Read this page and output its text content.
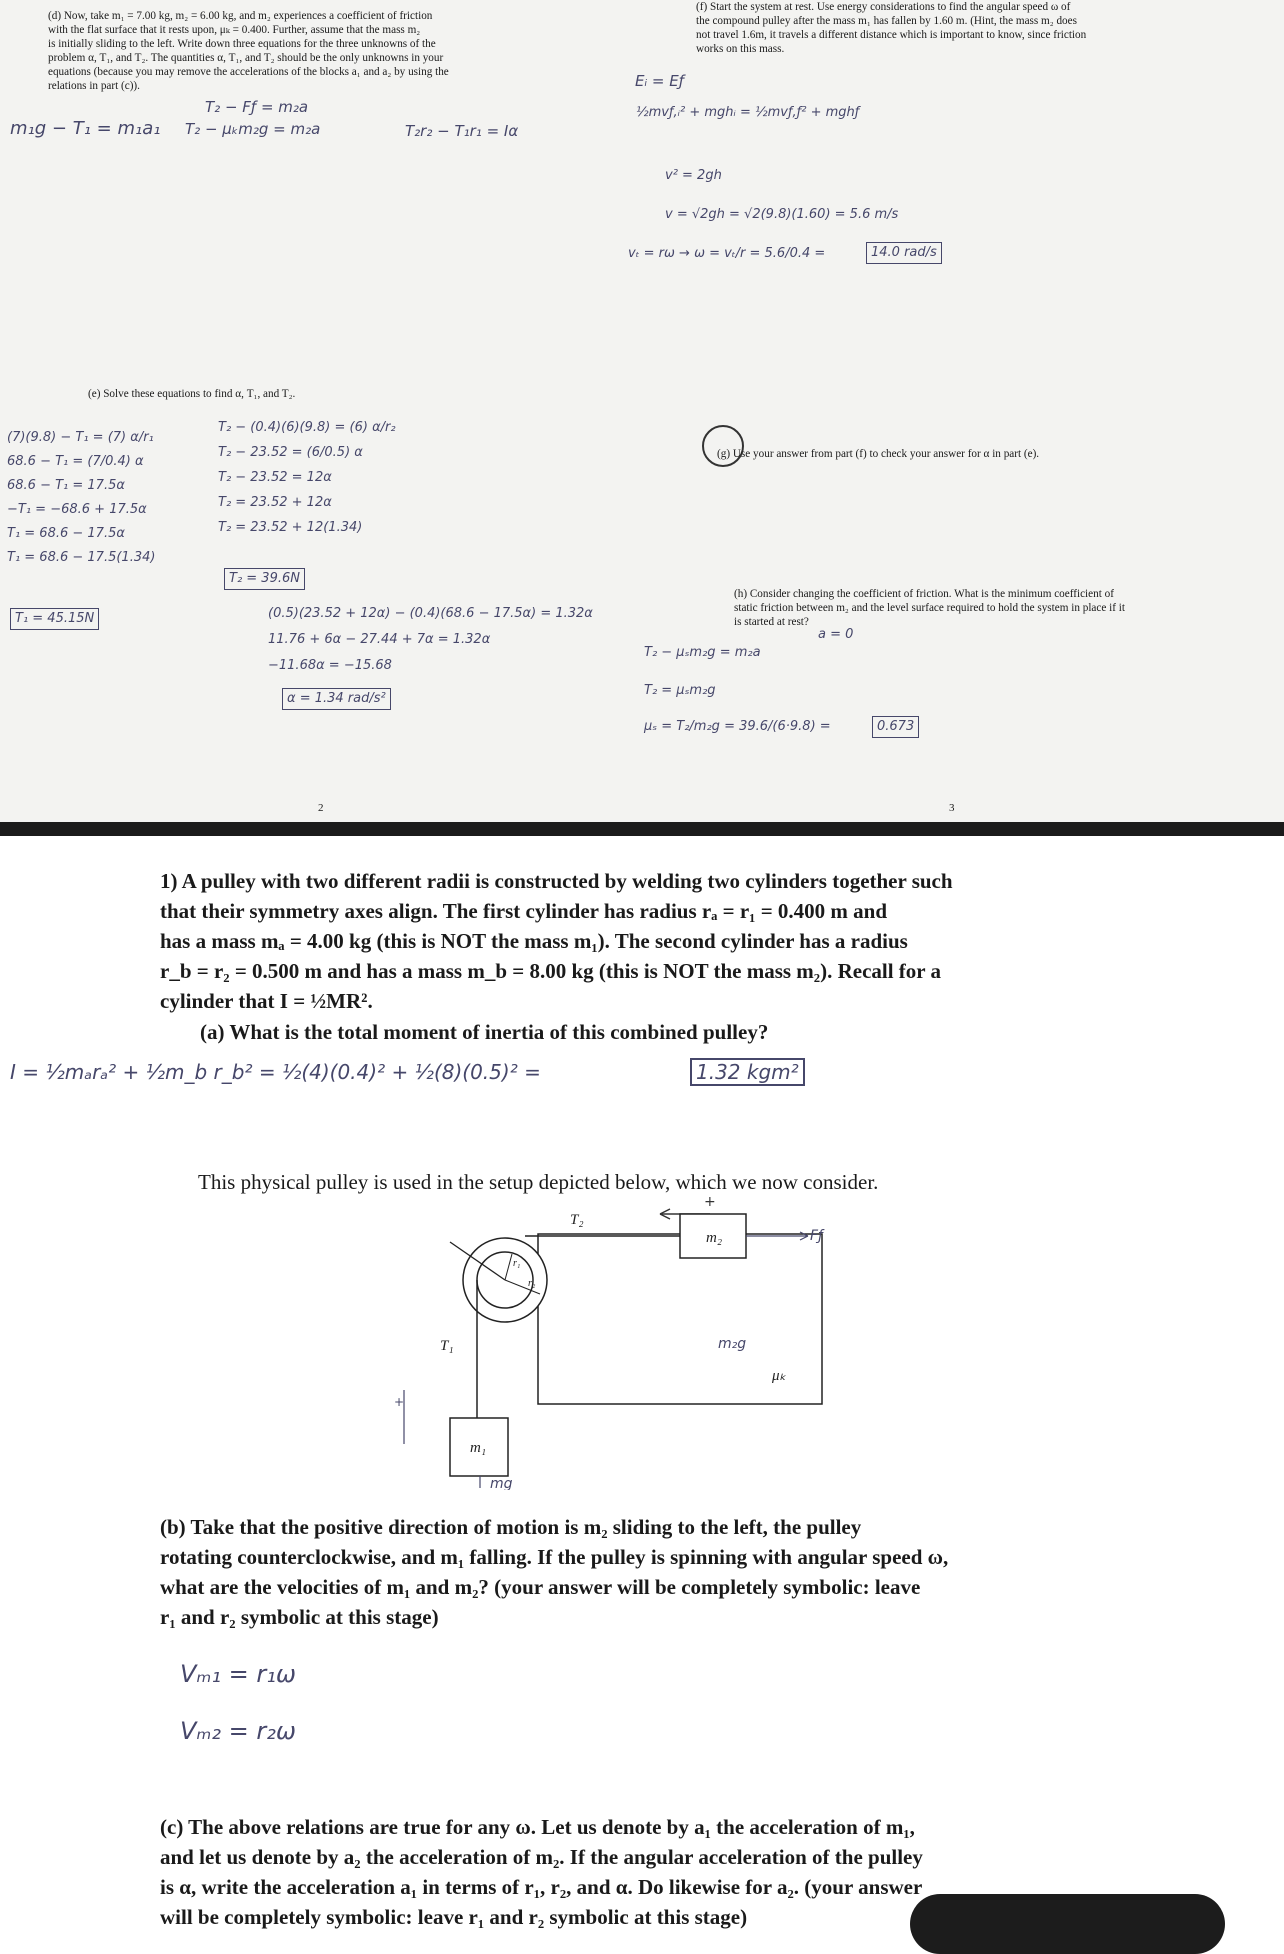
(d) Now, take m₁ = 7.00 kg, m₂ = 6.00 kg, and m₂ experiences a coefficient of friction
with the flat surface that it rests upon, μₖ = 0.400. Further, assume that the mass m₂
is initially sliding to the left. Write down three equations for the three unknowns of the
problem α, T₁, and T₂. The quantities α, T₁, and T₂ should be the only unknowns in your
equations (because you may remove the accelerations of the blocks a₁ and a₂ by using the
relations in part (c)).
T₂ − Fƒ = m₂a
m₁g − T₁ = m₁a₁ T₂ − μₖm₂g = m₂a	T₂r₂ − T₁r₁ = Iα
(e) Solve these equations to find α, T₁, and T₂.
(7)(9.8) − T₁ = (7) α/r₁
68.6 − T₁ = (7/0.4) α
68.6 − T₁ = 17.5α
−T₁ = −68.6 + 17.5α
T₁ = 68.6 − 17.5α
T₁ = 68.6 − 17.5(1.34)
T₁ = 45.15N
T₂ − (0.4)(6)(9.8) = (6) α/r₂
T₂ − 23.52 = (6/0.5) α
T₂ − 23.52 = 12α
T₂ = 23.52 + 12α
T₂ = 23.52 + 12(1.34)
T₂ = 39.6N
(0.5)(23.52 + 12α) − (0.4)(68.6 − 17.5α) = 1.32α
11.76 + 6α − 27.44 + 7α = 1.32α
−11.68α = −15.68
α = 1.34 rad/s²
2
(f) Start the system at rest. Use energy considerations to find the angular speed ω of
the compound pulley after the mass m₁ has fallen by 1.60 m. (Hint, the mass m₂ does
not travel 1.6m, it travels a different distance which is important to know, since friction
works on this mass.
Eᵢ = Eƒ
½mvƒ,ᵢ² + mghᵢ = ½mvƒ,ƒ² + mghƒ
v² = 2gh
v = √2gh = √2(9.8)(1.60) = 5.6 m/s
vₜ = rω → ω = vₜ/r = 5.6/0.4 =	14.0 rad/s
(g) Use your answer from part (f) to check your answer for α in part (e).
(h) Consider changing the coefficient of friction. What is the minimum coefficient of
static friction between m₂ and the level surface required to hold the system in place if it
is started at rest?
a = 0
T₂ − μₛm₂g = m₂a
T₂ = μₛm₂g
μₛ = T₂/m₂g = 39.6/(6·9.8) =	0.673
3
1) A pulley with two different radii is constructed by welding two cylinders together such
that their symmetry axes align. The first cylinder has radius rₐ = r₁ = 0.400 m and
has a mass mₐ = 4.00 kg (this is NOT the mass m₁). The second cylinder has a radius
r_b = r₂ = 0.500 m and has a mass m_b = 8.00 kg (this is NOT the mass m₂). Recall for a
cylinder that I = ½MR².
(a) What is the total moment of inertia of this combined pulley?
I = ½mₐrₐ² + ½m_b r_b² = ½(4)(0.4)² + ½(8)(0.5)² =	1.32 kgm²
This physical pulley is used in the setup depicted below, which we now consider.
+
m₂	Fƒ
T₂
r₁
r₂
T₁
m₁
μₖ
m₂g
+
mg
(b) Take that the positive direction of motion is m₂ sliding to the left, the pulley
rotating counterclockwise, and m₁ falling. If the pulley is spinning with angular speed ω,
what are the velocities of m₁ and m₂? (your answer will be completely symbolic: leave
r₁ and r₂ symbolic at this stage)
Vₘ₁ = r₁ω
Vₘ₂ = r₂ω
(c) The above relations are true for any ω. Let us denote by a₁ the acceleration of m₁,
and let us denote by a₂ the acceleration of m₂. If the angular acceleration of the pulley
is α, write the acceleration a₁ in terms of r₁, r₂, and α. Do likewise for a₂. (your answer
will be completely symbolic: leave r₁ and r₂ symbolic at this stage)
